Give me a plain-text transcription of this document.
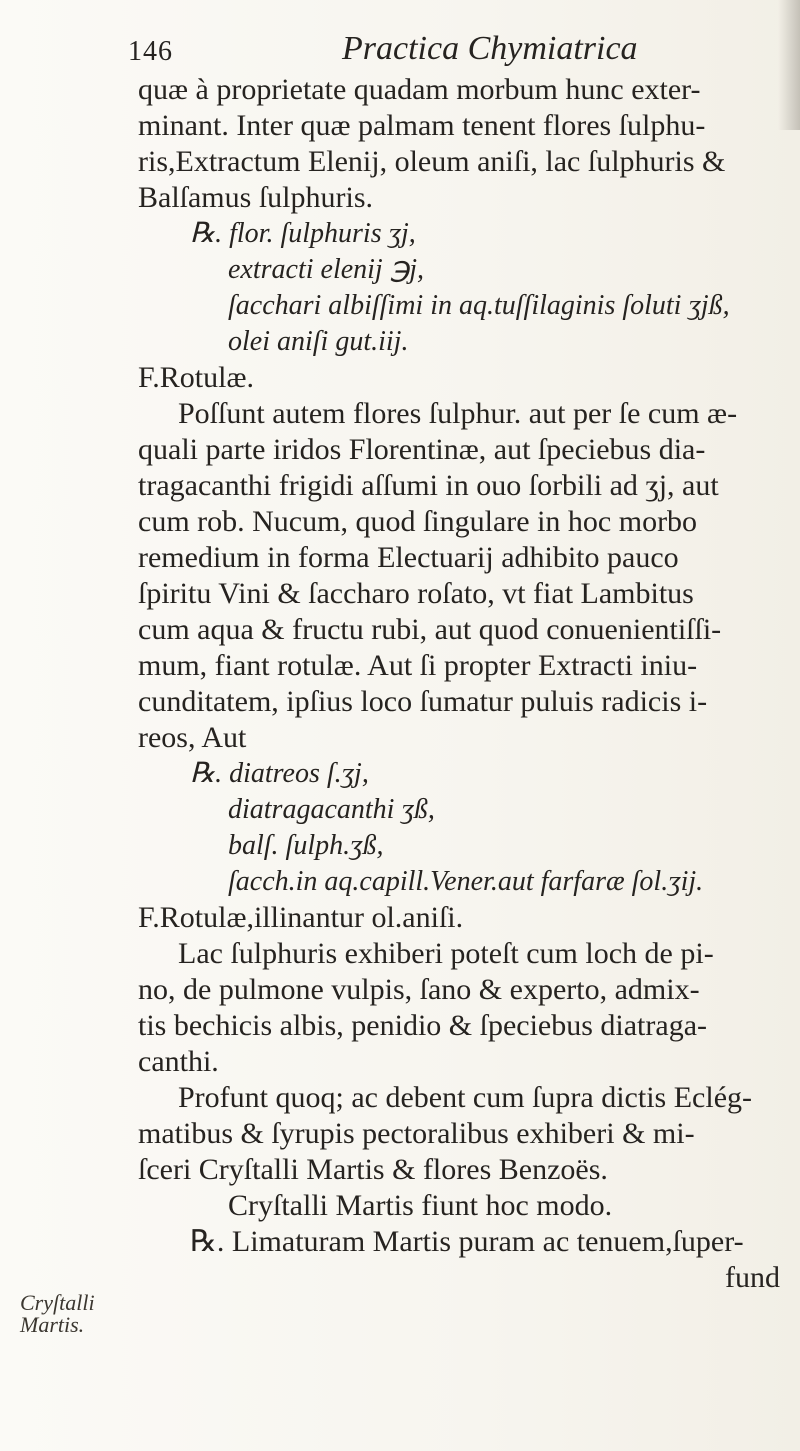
146	Practica Chymiatrica
quæ à proprietate quadam morbum hunc exter-
minant. Inter quæ palmam tenent flores ſulphu-
ris,Extractum Elenij, oleum aniſi, lac ſulphuris &
Balſamus ſulphuris.
℞. flor. ſulphuris ʒj,
extracti elenij ℈j,
ſacchari albiſſimi in aq.tuſſilaginis ſoluti ʒjß,
olei aniſi gut.iij.
F.Rotulæ.
Poſſunt autem flores ſulphur. aut per ſe cum æ-
quali parte iridos Florentinæ, aut ſpeciebus dia-
tragacanthi frigidi aſſumi in ouo ſorbili ad ʒj, aut
cum rob. Nucum, quod ſingulare in hoc morbo
remedium in forma Electuarij adhibito pauco
ſpiritu Vini & ſaccharo roſato, vt fiat Lambitus
cum aqua & fructu rubi, aut quod conuenientiſſi-
mum, fiant rotulæ. Aut ſi propter Extracti iniu-
cunditatem, ipſius loco ſumatur puluis radicis i-
reos, Aut
℞. diatreos ſ.ʒj,
diatragacanthi ʒß,
balſ. ſulph.ʒß,
ſacch.in aq.capill.Vener.aut farfaræ ſol.ʒij.
F.Rotulæ,illinantur ol.aniſi.
Lac ſulphuris exhiberi poteſt cum loch de pi-
no, de pulmone vulpis, ſano & experto, admix-
tis bechicis albis, penidio & ſpeciebus diatraga-
canthi.
Profunt quoq; ac debent cum ſupra dictis Eclég-
matibus & ſyrupis pectoralibus exhiberi & mi-
ſceri Cryſtalli Martis & flores Benzoës.
Cryſtalli Martis fiunt hoc modo.
℞. Limaturam Martis puram ac tenuem,ſuper-
fund
Cryſtalli
Martis.
